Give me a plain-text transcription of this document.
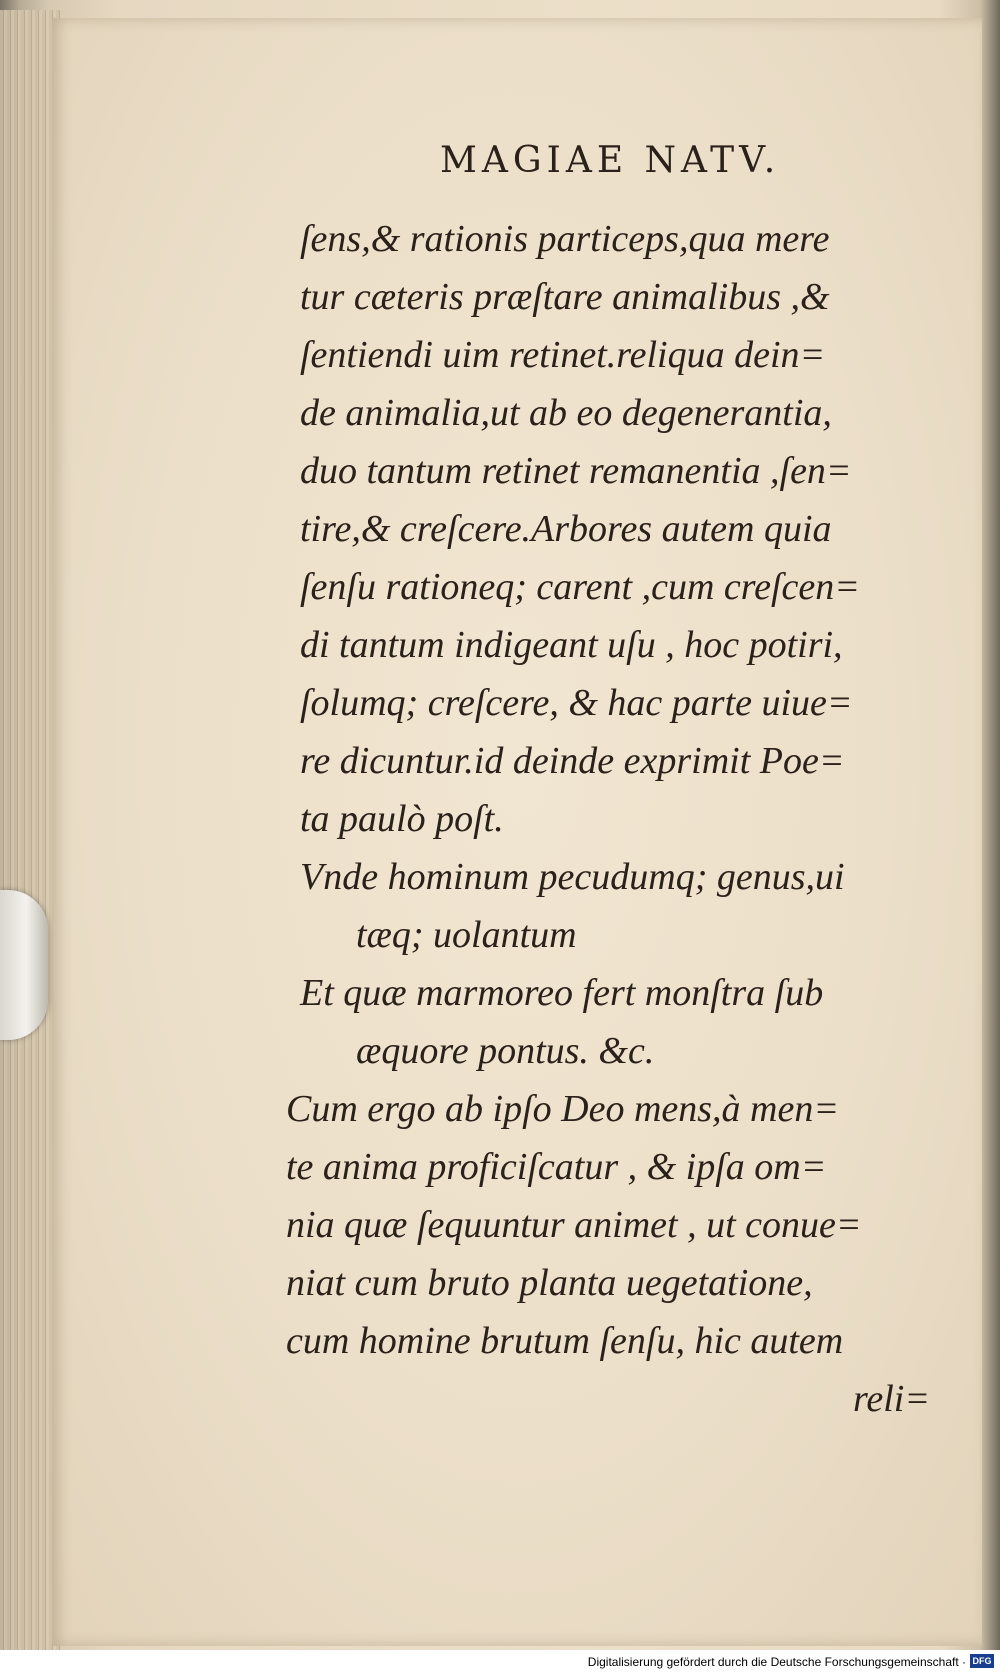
MAGIAE NATV.
ſens,& rationis particeps,qua mere
tur cæteris præſtare animalibus ,&
ſentiendi uim retinet.reliqua dein=
de animalia,ut ab eo degenerantia,
duo tantum retinet remanentia ,ſen=
tire,& creſcere.Arbores autem quia
ſenſu rationeq; carent ,cum creſcen=
di tantum indigeant uſu , hoc potiri,
ſolumq; creſcere, & hac parte uiue=
re dicuntur.id deinde exprimit Poe=
ta paulò poſt.
Vnde hominum pecudumq; genus,ui
tæq; uolantum
Et quæ marmoreo fert monſtra ſub
æquore pontus. &c.
Cum ergo ab ipſo Deo mens,à men=
te anima proficiſcatur , & ipſa om=
nia quæ ſequuntur animet , ut conue=
niat cum bruto planta uegetatione,
cum homine brutum ſenſu, hic autem
reli=
Digitalisierung gefördert durch die Deutsche Forschungsgemeinschaft · DFG
